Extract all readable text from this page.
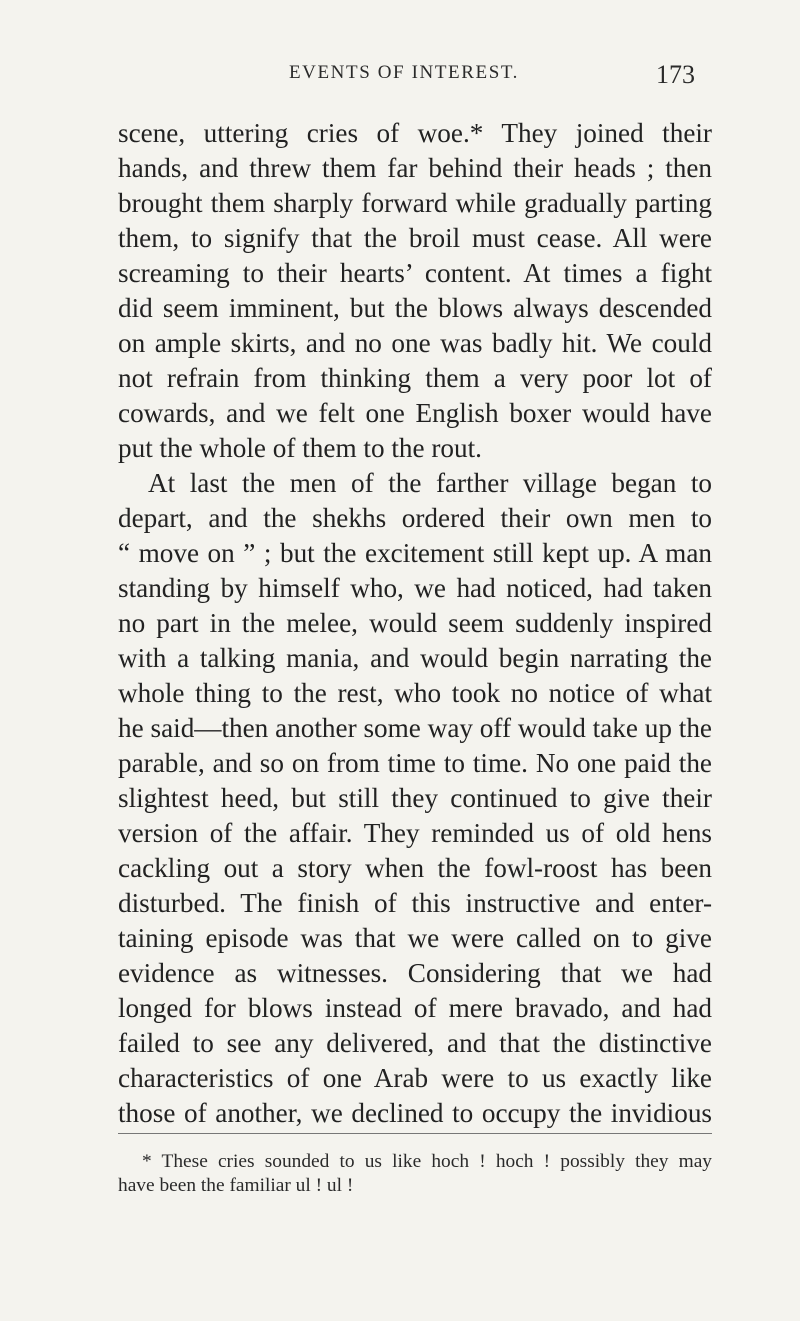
EVENTS OF INTEREST.	173
scene, uttering cries of woe.* They joined their
hands, and threw them far behind their heads ; then
brought them sharply forward while gradually parting
them, to signify that the broil must cease. All were
screaming to their hearts’ content. At times a fight
did seem imminent, but the blows always descended
on ample skirts, and no one was badly hit. We could
not refrain from thinking them a very poor lot of
cowards, and we felt one English boxer would have
put the whole of them to the rout.
At last the men of the farther village began to
depart, and the shekhs ordered their own men to
“ move on ” ; but the excitement still kept up. A man
standing by himself who, we had noticed, had taken
no part in the melee, would seem suddenly inspired
with a talking mania, and would begin narrating the
whole thing to the rest, who took no notice of what
he said—then another some way off would take up the
parable, and so on from time to time. No one paid the
slightest heed, but still they continued to give their
version of the affair. They reminded us of old hens
cackling out a story when the fowl-roost has been
disturbed. The finish of this instructive and enter-
taining episode was that we were called on to give
evidence as witnesses. Considering that we had
longed for blows instead of mere bravado, and had
failed to see any delivered, and that the distinctive
characteristics of one Arab were to us exactly like
those of another, we declined to occupy the invidious
* These cries sounded to us like hoch ! hoch ! possibly they may
have been the familiar ul ! ul !
